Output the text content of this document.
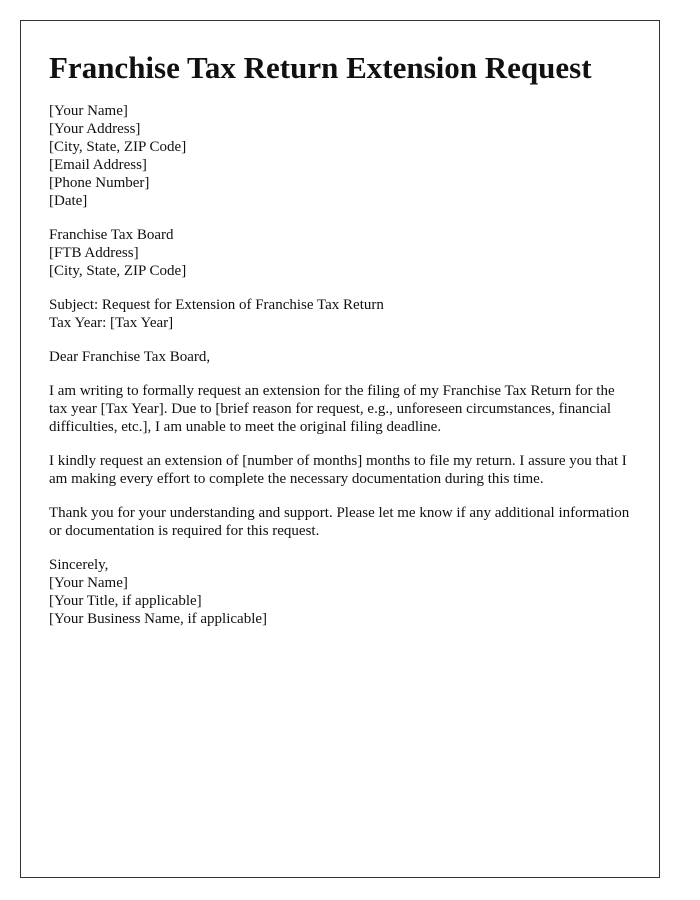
Franchise Tax Return Extension Request
[Your Name]
[Your Address]
[City, State, ZIP Code]
[Email Address]
[Phone Number]
[Date]
Franchise Tax Board
[FTB Address]
[City, State, ZIP Code]
Subject: Request for Extension of Franchise Tax Return
Tax Year: [Tax Year]

Dear Franchise Tax Board,

I am writing to formally request an extension for the filing of my Franchise Tax Return for the tax year [Tax Year]. Due to [brief reason for request, e.g., unforeseen circumstances, financial difficulties, etc.], I am unable to meet the original filing deadline.

I kindly request an extension of [number of months] months to file my return. I assure you that I am making every effort to complete the necessary documentation during this time.

Thank you for your understanding and support. Please let me know if any additional information or documentation is required for this request.

Sincerely,
[Your Name]
[Your Title, if applicable]
[Your Business Name, if applicable]
